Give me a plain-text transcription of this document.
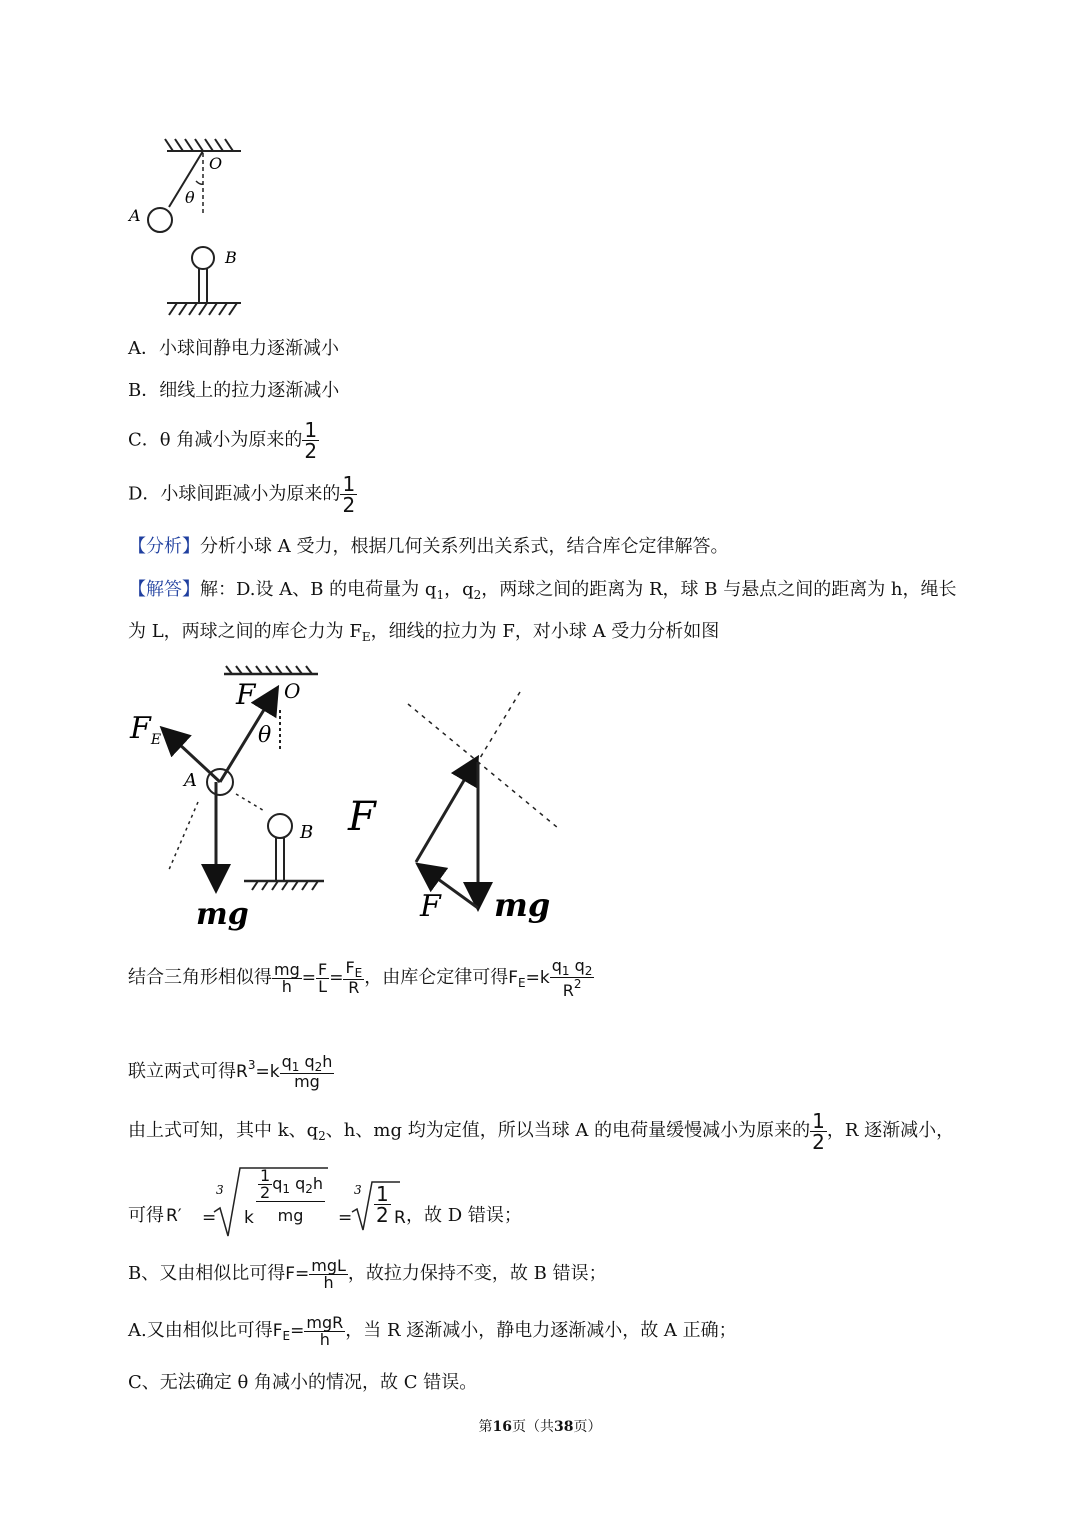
O
θ
A
B
A．小球间静电力逐渐减小
B．细线上的拉力逐渐减小
C．θ 角减小为原来的 $\frac{1}{2}$
D．小球间距减小为原来的 $\frac{1}{2}$
【分析】分析小球 A 受力，根据几何关系列出关系式，结合库仑定律解答。
【解答】解：D.设 A、B 的电荷量为 $q_1$，$q_2$，两球之间的距离为 R，球 B 与悬点之间的距离为 h，绳长
为 L，两球之间的库仑力为 $F_E$，细线的拉力为 F，对小球 A 受力分析如图
F O
$F_E$	θ
A
B
mg
F
F mg
结合三角形相似得 $\frac{mg}{h} = \frac{F}{L} = \frac{F_E}{R}$ ，由库仑定律可得$F_E=k \frac{q_1 q_2}{R^2}$
联立两式可得$R^3=k \frac{q_1 q_2h}{mg}$
由上式可知，其中 k、$q_2$、h、mg 均为定值，所以当球 A 的电荷量缓慢减小为原来的 $\frac{1}{2}$ ，R 逐渐减小，
可得 R′ =
3	3
k $\frac{\frac{1}{2} q_1 q_2h}{mg} = \frac{1}{2}$ R ，故 D 错误；
B、又由相似比可得$F= \frac{\text{mgL}}{h}$ ，故拉力保持不变，故 B 错误；
A.又由相似比可得$F_E= \frac{\text{mgR}}{h}$ ，当 R 逐渐减小，静电力逐渐减小，故 A 正确；
C、无法确定 θ 角减小的情况，故 C 错误。
第16页（共38页）
